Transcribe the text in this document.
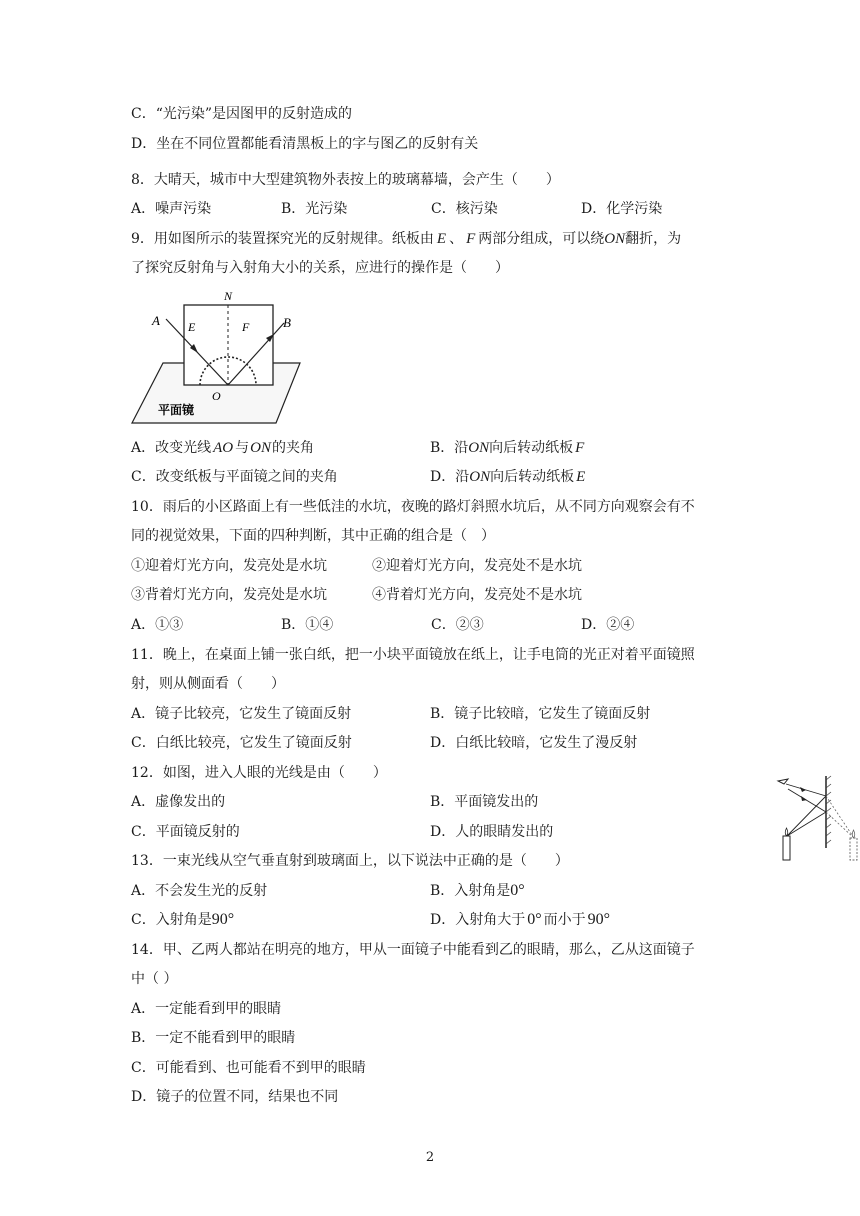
C．“光污染”是因图甲的反射造成的
D．坐在不同位置都能看清黑板上的字与图乙的反射有关
8．大晴天，城市中大型建筑物外表按上的玻璃幕墙，会产生（　　）
A．噪声污染	B．光污染	C．核污染	D．化学污染
9．用如图所示的装置探究光的反射规律。纸板由 E 、 F 两部分组成，可以绕ON翻折，为
了探究反射角与入射角大小的关系，应进行的操作是（　　）
N
A	B
E	F
O
平面镜
A．改变光线 AO 与ON的夹角	B．沿ON向后转动纸板 F
C．改变纸板与平面镜之间的夹角	D．沿ON向后转动纸板 E
10．雨后的小区路面上有一些低洼的水坑，夜晚的路灯斜照水坑后，从不同方向观察会有不
同的视觉效果，下面的四种判断，其中正确的组合是（　）
①迎着灯光方向，发亮处是水坑	②迎着灯光方向，发亮处不是水坑
③背着灯光方向，发亮处是水坑	④背着灯光方向，发亮处不是水坑
A．①③	B．①④	C．②③	D．②④
11．晚上，在桌面上铺一张白纸，把一小块平面镜放在纸上，让手电筒的光正对着平面镜照
射，则从侧面看（　　）
A．镜子比较亮，它发生了镜面反射	B．镜子比较暗，它发生了镜面反射
C．白纸比较亮，它发生了镜面反射	D．白纸比较暗，它发生了漫反射
12．如图，进入人眼的光线是由（　　）
A．虚像发出的	B．平面镜发出的
C．平面镜反射的	D．人的眼睛发出的
13．一束光线从空气垂直射到玻璃面上，以下说法中正确的是（　　）
A．不会发生光的反射	B．入射角是0°
C．入射角是90°	D．入射角大于 0° 而小于 90°
14．甲、乙两人都站在明亮的地方，甲从一面镜子中能看到乙的眼睛，那么，乙从这面镜子
中（ ）
A．一定能看到甲的眼睛
B．一定不能看到甲的眼睛
C．可能看到、也可能看不到甲的眼睛
D．镜子的位置不同，结果也不同
2
